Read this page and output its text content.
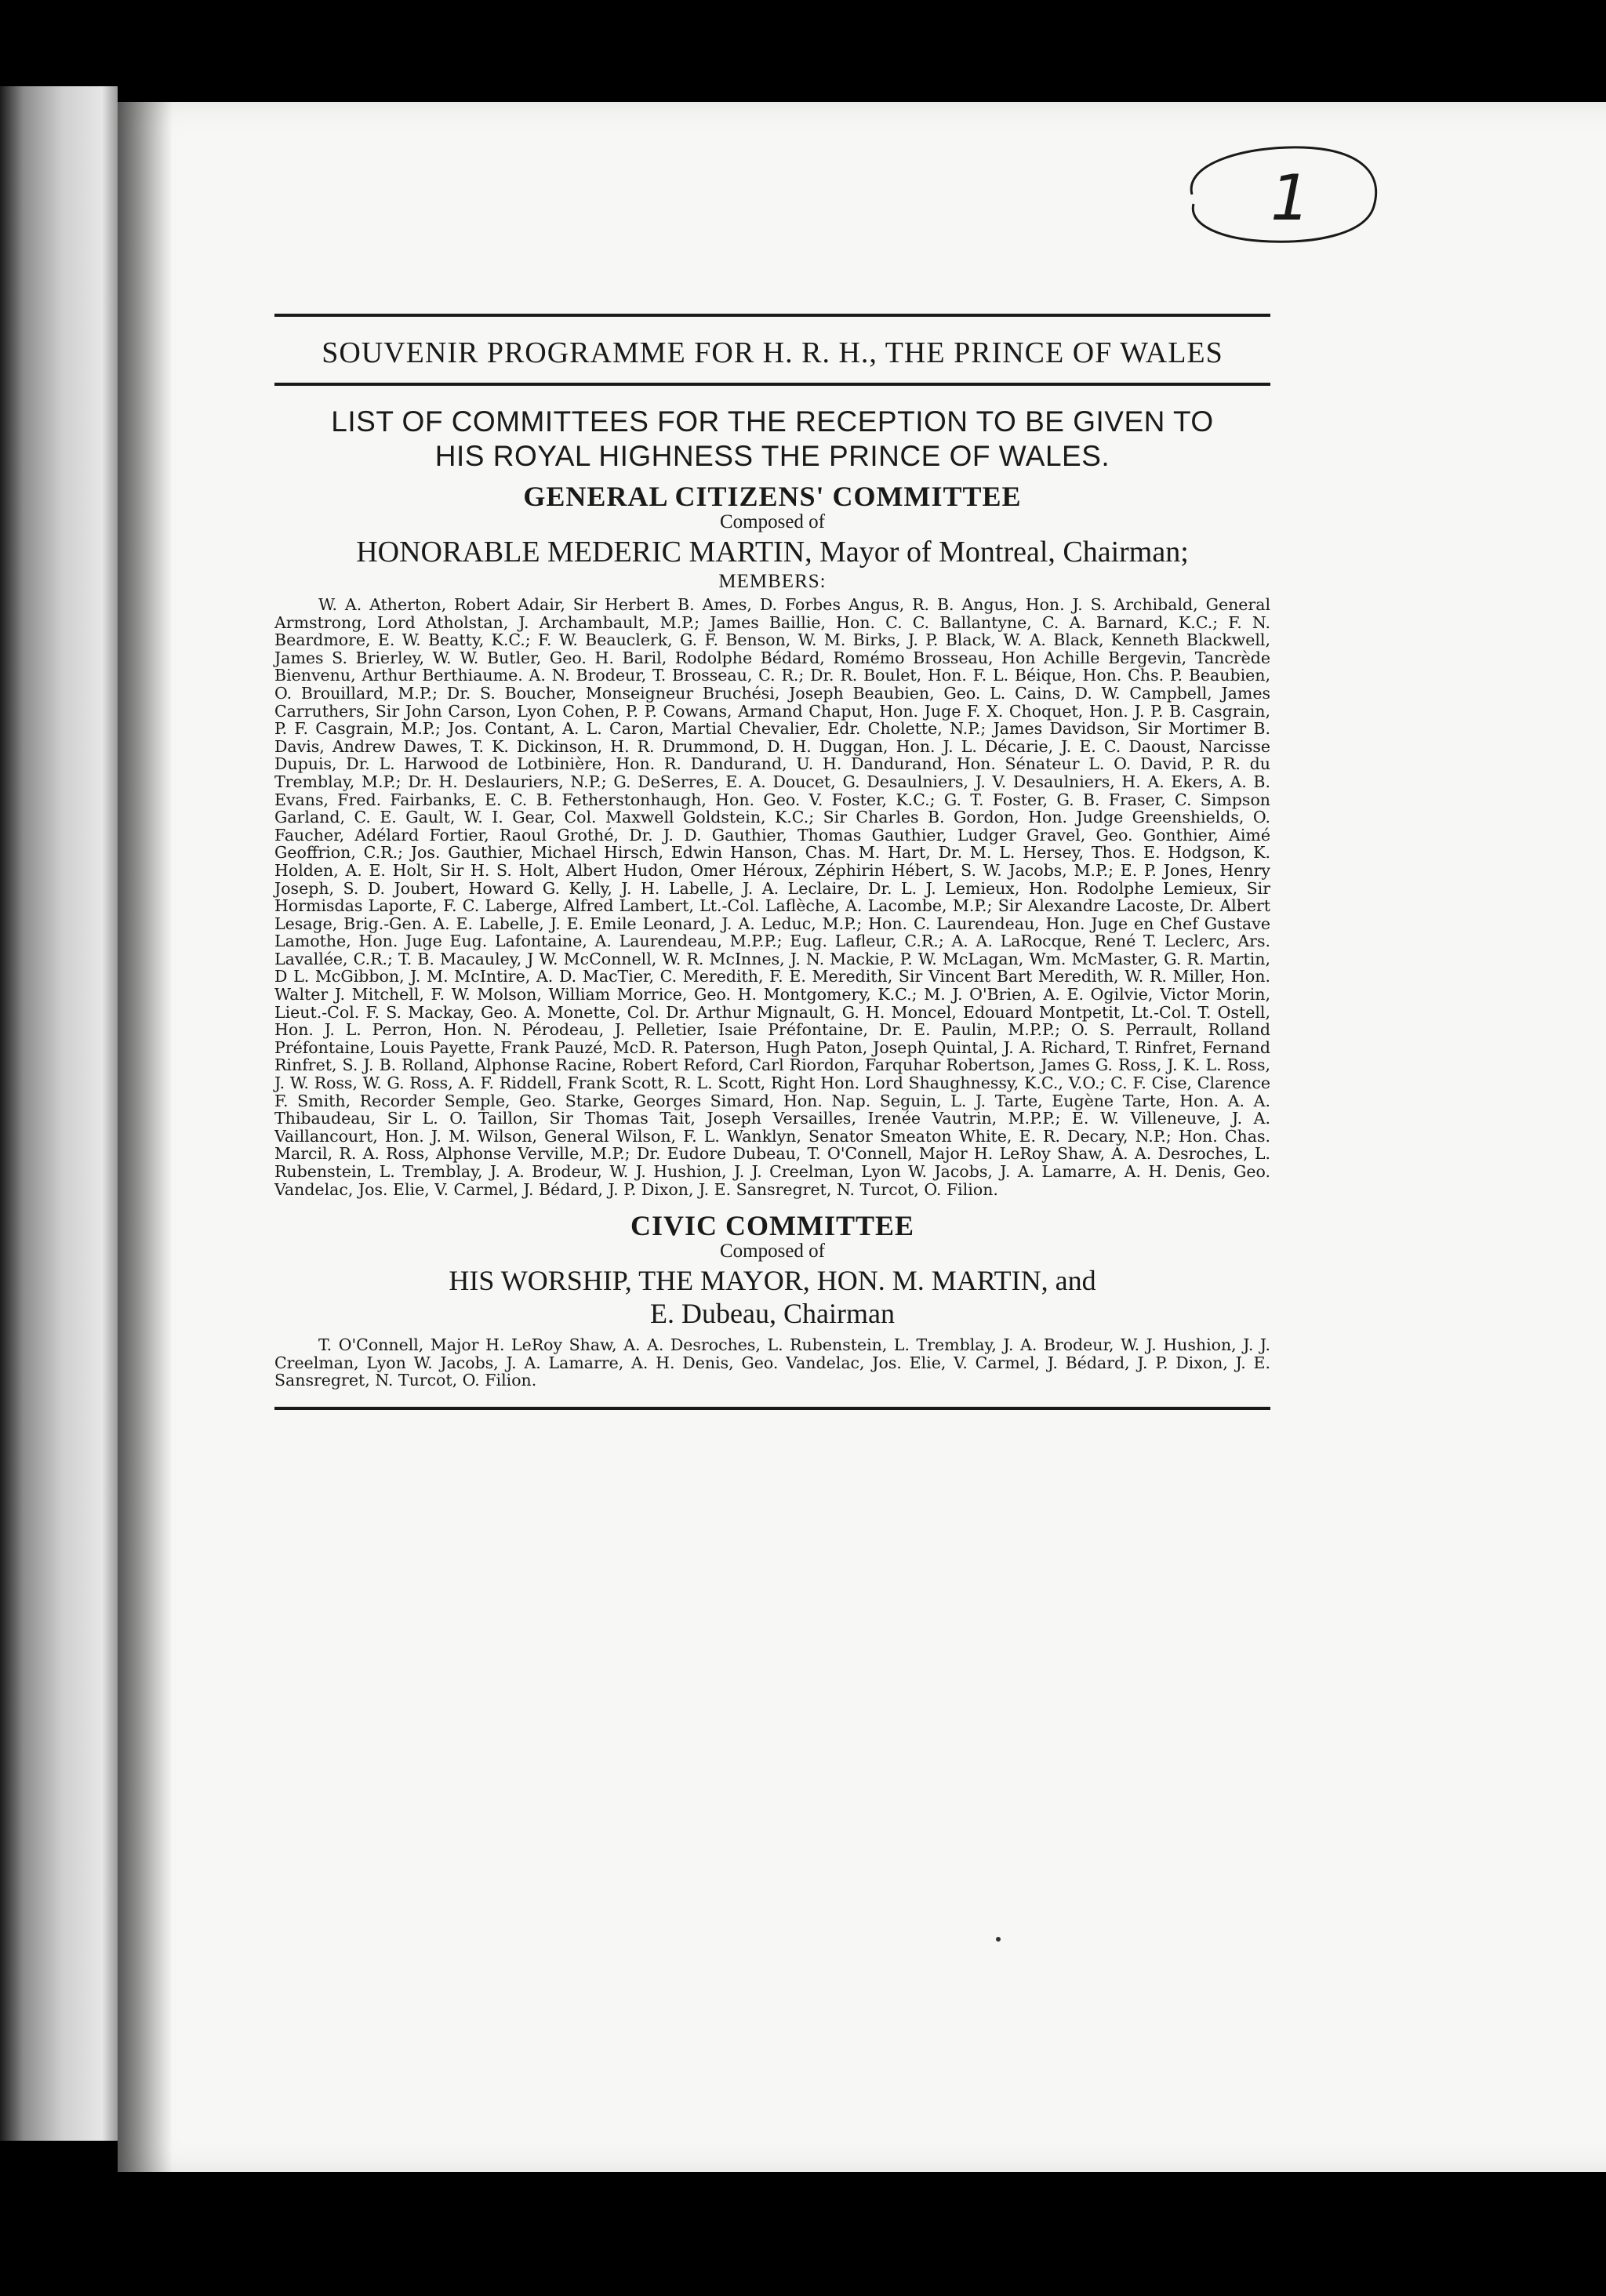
1
SOUVENIR PROGRAMME FOR H. R. H., THE PRINCE OF WALES
LIST OF COMMITTEES FOR THE RECEPTION TO BE GIVEN TO
HIS ROYAL HIGHNESS THE PRINCE OF WALES.
GENERAL CITIZENS' COMMITTEE
Composed of
HONORABLE MEDERIC MARTIN, Mayor of Montreal, Chairman;
MEMBERS:
W. A. Atherton, Robert Adair, Sir Herbert B. Ames, D. Forbes Angus, R. B. Angus, Hon. J. S. Archibald, General Armstrong, Lord Atholstan, J. Archambault, M.P.; James Baillie, Hon. C. C. Ballantyne, C. A. Barnard, K.C.; F. N. Beardmore, E. W. Beatty, K.C.; F. W. Beauclerk, G. F. Benson, W. M. Birks, J. P. Black, W. A. Black, Kenneth Blackwell, James S. Brierley, W. W. Butler, Geo. H. Baril, Rodolphe Bédard, Romémo Brosseau, Hon Achille Bergevin, Tancrède Bienvenu, Arthur Berthiaume. A. N. Brodeur, T. Brosseau, C. R.; Dr. R. Boulet, Hon. F. L. Béique, Hon. Chs. P. Beaubien, O. Brouillard, M.P.; Dr. S. Boucher, Monseigneur Bruchési, Joseph Beaubien, Geo. L. Cains, D. W. Campbell, James Carruthers, Sir John Carson, Lyon Cohen, P. P. Cowans, Armand Chaput, Hon. Juge F. X. Choquet, Hon. J. P. B. Casgrain, P. F. Casgrain, M.P.; Jos. Contant, A. L. Caron, Martial Chevalier, Edr. Cholette, N.P.; James Davidson, Sir Mortimer B. Davis, Andrew Dawes, T. K. Dickinson, H. R. Drummond, D. H. Duggan, Hon. J. L. Décarie, J. E. C. Daoust, Narcisse Dupuis, Dr. L. Harwood de Lotbinière, Hon. R. Dandurand, U. H. Dandurand, Hon. Sénateur L. O. David, P. R. du Tremblay, M.P.; Dr. H. Deslauriers, N.P.; G. DeSerres, E. A. Doucet, G. Desaulniers, J. V. Desaulniers, H. A. Ekers, A. B. Evans, Fred. Fairbanks, E. C. B. Fetherstonhaugh, Hon. Geo. V. Foster, K.C.; G. T. Foster, G. B. Fraser, C. Simpson Garland, C. E. Gault, W. I. Gear, Col. Maxwell Goldstein, K.C.; Sir Charles B. Gordon, Hon. Judge Greenshields, O. Faucher, Adélard Fortier, Raoul Grothé, Dr. J. D. Gauthier, Thomas Gauthier, Ludger Gravel, Geo. Gonthier, Aimé Geoffrion, C.R.; Jos. Gauthier, Michael Hirsch, Edwin Hanson, Chas. M. Hart, Dr. M. L. Hersey, Thos. E. Hodgson, K. Holden, A. E. Holt, Sir H. S. Holt, Albert Hudon, Omer Héroux, Zéphirin Hébert, S. W. Jacobs, M.P.; E. P. Jones, Henry Joseph, S. D. Joubert, Howard G. Kelly, J. H. Labelle, J. A. Leclaire, Dr. L. J. Lemieux, Hon. Rodolphe Lemieux, Sir Hormisdas Laporte, F. C. Laberge, Alfred Lambert, Lt.-Col. Laflèche, A. Lacombe, M.P.; Sir Alexandre Lacoste, Dr. Albert Lesage, Brig.-Gen. A. E. Labelle, J. E. Emile Leonard, J. A. Leduc, M.P.; Hon. C. Laurendeau, Hon. Juge en Chef Gustave Lamothe, Hon. Juge Eug. Lafontaine, A. Laurendeau, M.P.P.; Eug. Lafleur, C.R.; A. A. LaRocque, René T. Leclerc, Ars. Lavallée, C.R.; T. B. Macauley, J W. McConnell, W. R. McInnes, J. N. Mackie, P. W. McLagan, Wm. McMaster, G. R. Martin, D L. McGibbon, J. M. McIntire, A. D. MacTier, C. Meredith, F. E. Meredith, Sir Vincent Bart Meredith, W. R. Miller, Hon. Walter J. Mitchell, F. W. Molson, William Morrice, Geo. H. Montgomery, K.C.; M. J. O'Brien, A. E. Ogilvie, Victor Morin, Lieut.-Col. F. S. Mackay, Geo. A. Monette, Col. Dr. Arthur Mignault, G. H. Moncel, Edouard Montpetit, Lt.-Col. T. Ostell, Hon. J. L. Perron, Hon. N. Pérodeau, J. Pelletier, Isaie Préfontaine, Dr. E. Paulin, M.P.P.; O. S. Perrault, Rolland Préfontaine, Louis Payette, Frank Pauzé, McD. R. Paterson, Hugh Paton, Joseph Quintal, J. A. Richard, T. Rinfret, Fernand Rinfret, S. J. B. Rolland, Alphonse Racine, Robert Reford, Carl Riordon, Farquhar Robertson, James G. Ross, J. K. L. Ross, J. W. Ross, W. G. Ross, A. F. Riddell, Frank Scott, R. L. Scott, Right Hon. Lord Shaughnessy, K.C., V.O.; C. F. Cise, Clarence F. Smith, Recorder Semple, Geo. Starke, Georges Simard, Hon. Nap. Seguin, L. J. Tarte, Eugène Tarte, Hon. A. A. Thibaudeau, Sir L. O. Taillon, Sir Thomas Tait, Joseph Versailles, Irenée Vautrin, M.P.P.; E. W. Villeneuve, J. A. Vaillancourt, Hon. J. M. Wilson, General Wilson, F. L. Wanklyn, Senator Smeaton White, E. R. Decary, N.P.; Hon. Chas. Marcil, R. A. Ross, Alphonse Verville, M.P.; Dr. Eudore Dubeau, T. O'Connell, Major H. LeRoy Shaw, A. A. Desroches, L. Rubenstein, L. Tremblay, J. A. Brodeur, W. J. Hushion, J. J. Creelman, Lyon W. Jacobs, J. A. Lamarre, A. H. Denis, Geo. Vandelac, Jos. Elie, V. Carmel, J. Bédard, J. P. Dixon, J. E. Sansregret, N. Turcot, O. Filion.
CIVIC COMMITTEE
Composed of
HIS WORSHIP, THE MAYOR, HON. M. MARTIN, and
E. Dubeau, Chairman
T. O'Connell, Major H. LeRoy Shaw, A. A. Desroches, L. Rubenstein, L. Tremblay, J. A. Brodeur, W. J. Hushion, J. J. Creelman, Lyon W. Jacobs, J. A. Lamarre, A. H. Denis, Geo. Vandelac, Jos. Elie, V. Carmel, J. Bédard, J. P. Dixon, J. E. Sansregret, N. Turcot, O. Filion.
